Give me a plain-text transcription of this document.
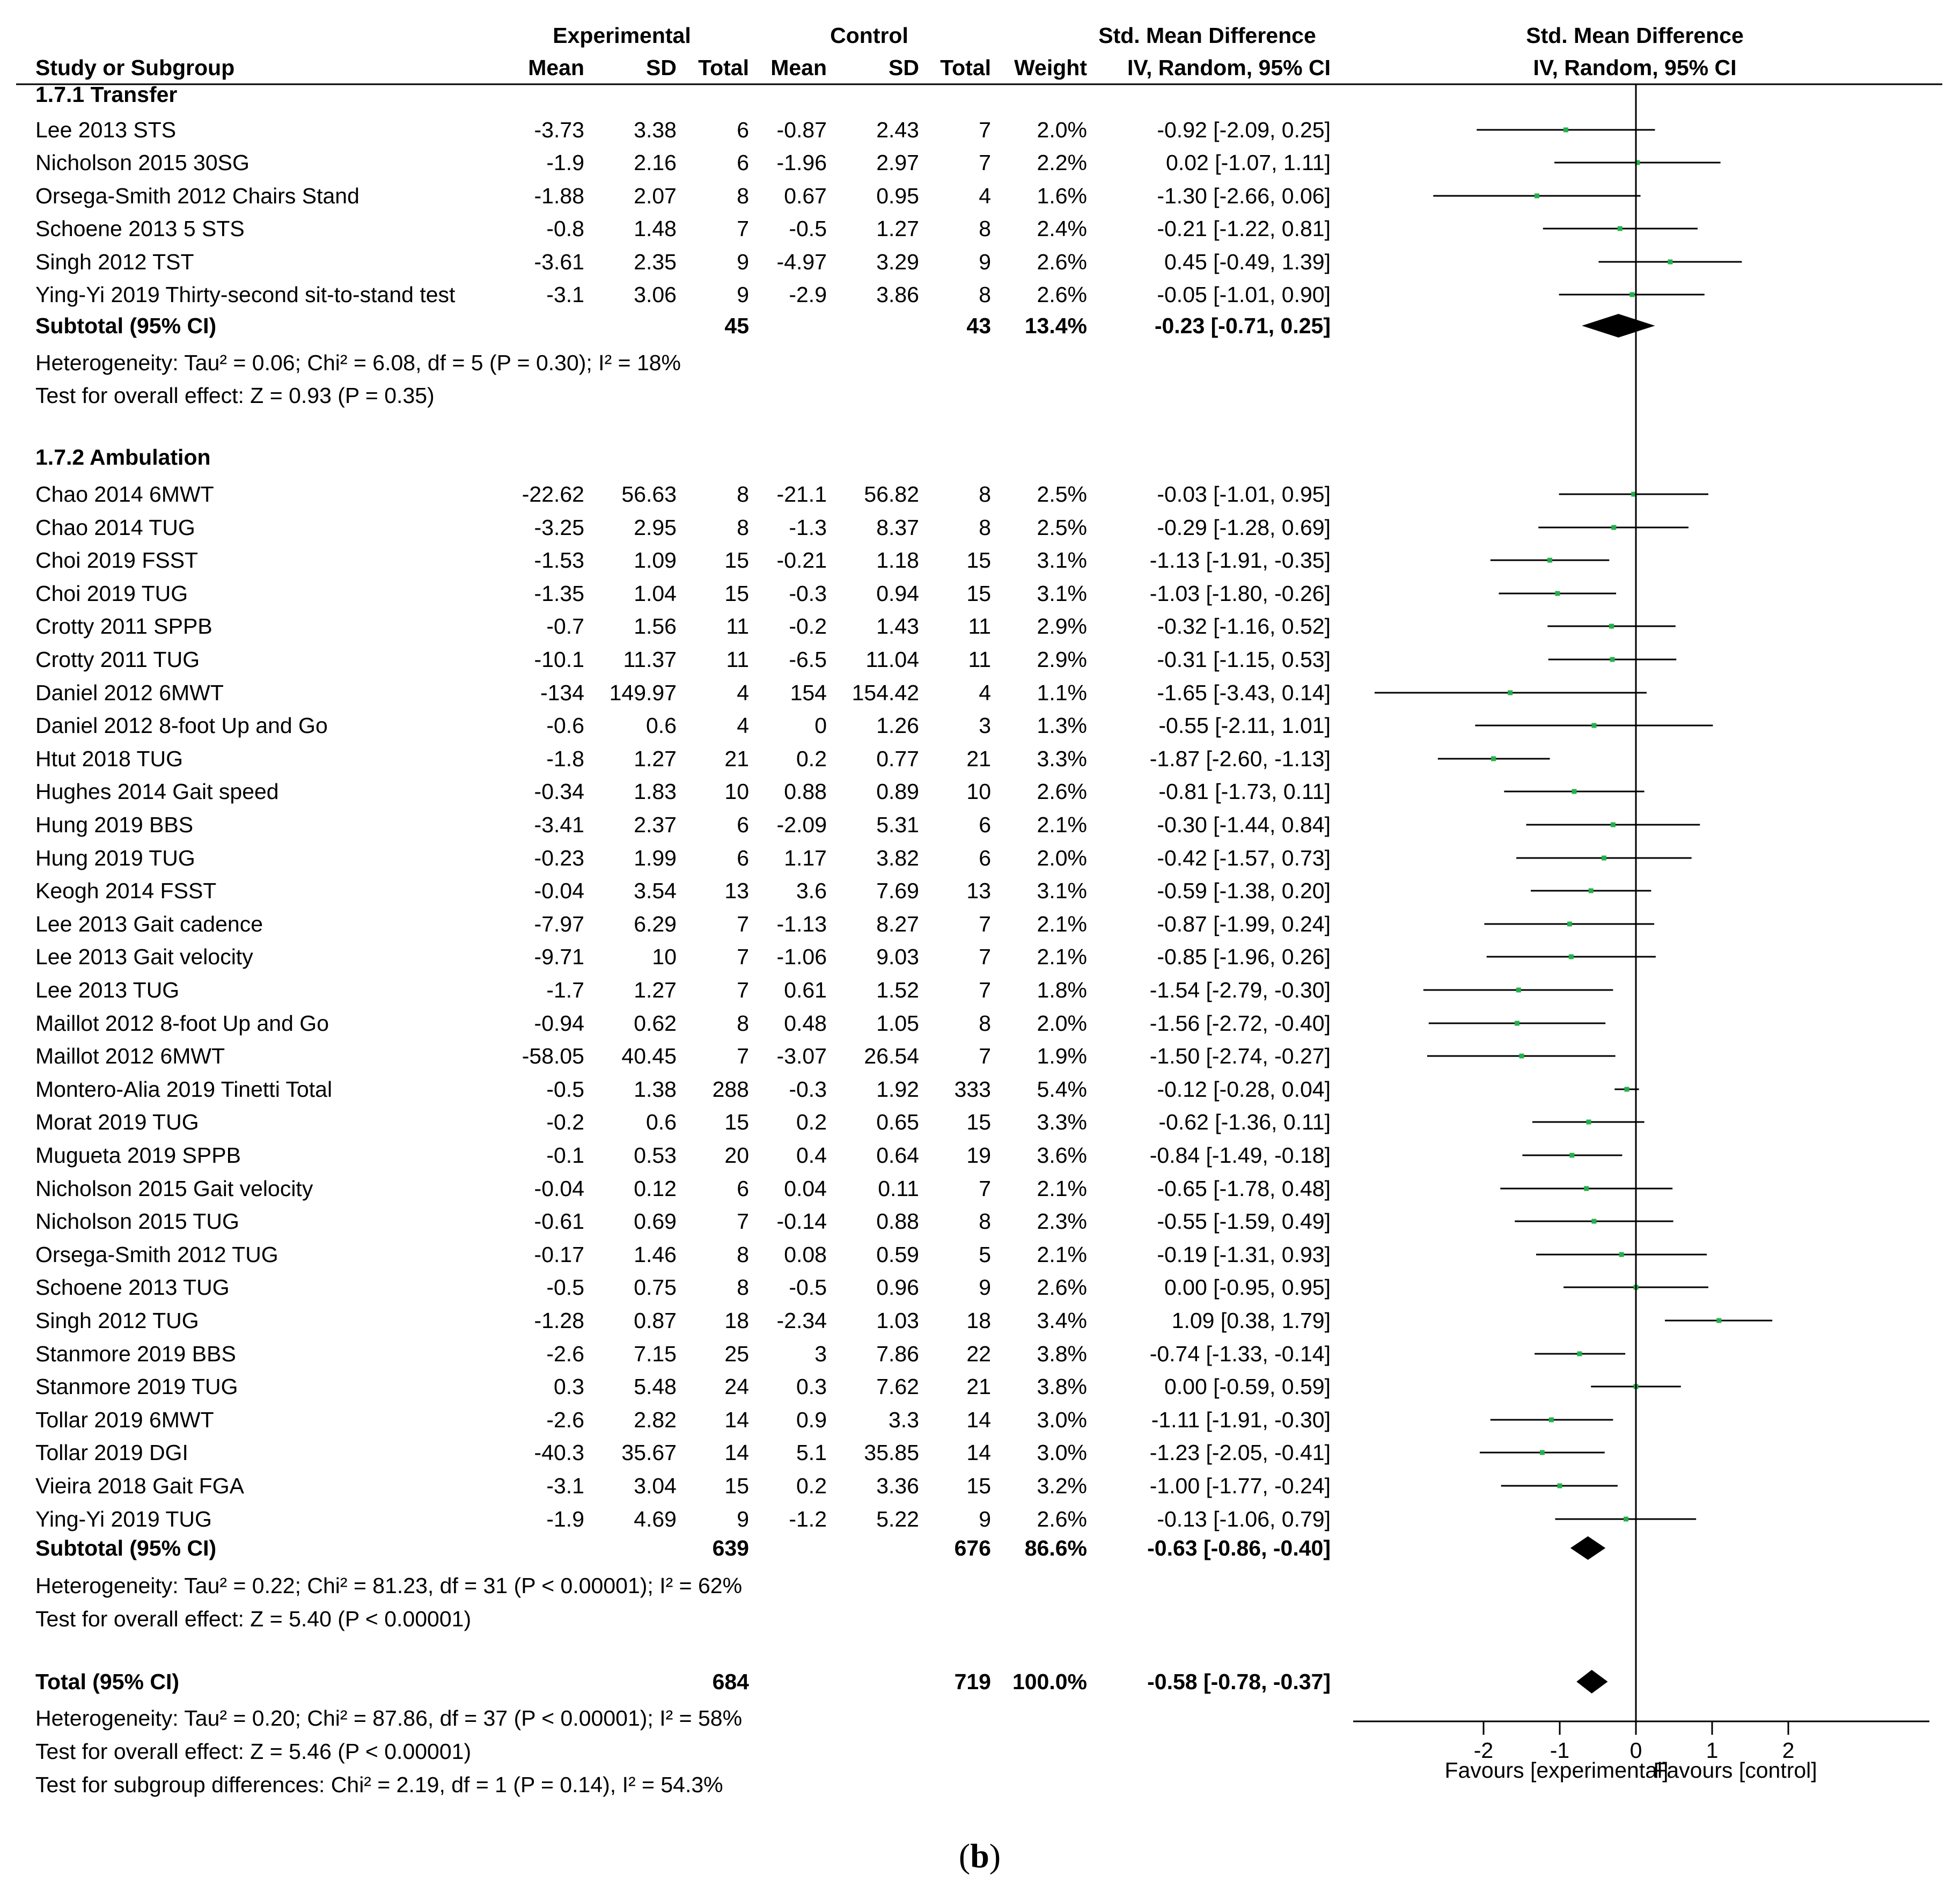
Experimental	Control	Std. Mean Difference	Std. Mean Difference
Study or Subgroup	Mean	SD Total Mean	SD Total Weight IV, Random, 95% CI	IV, Random, 95% CI
1.7.1 Transfer
Lee 2013 STS	-3.73 3.38	6 -0.87 2.43	7 2.0%	-0.92 [-2.09, 0.25]
Nicholson 2015 30SG	-1.9 2.16	6 -1.96 2.97	7 2.2%	0.02 [-1.07, 1.11]
Orsega-Smith 2012 Chairs Stand	-1.88 2.07	8 0.67 0.95	4 1.6%	-1.30 [-2.66, 0.06]
Schoene 2013 5 STS	-0.8 1.48	7 -0.5 1.27	8 2.4%	-0.21 [-1.22, 0.81]
Singh 2012 TST	-3.61 2.35	9 -4.97 3.29	9 2.6%	0.45 [-0.49, 1.39]
Ying-Yi 2019 Thirty-second sit-to-stand test	-3.1 3.06	9 -2.9 3.86	8 2.6%	-0.05 [-1.01, 0.90]
Subtotal (95% CI)	45	43 13.4%	-0.23 [-0.71, 0.25]
Heterogeneity: Tau² = 0.06; Chi² = 6.08, df = 5 (P = 0.30); I² = 18%
Test for overall effect: Z = 0.93 (P = 0.35)
1.7.2 Ambulation
Chao 2014 6MWT	-22.62 56.63	8 -21.1 56.82	8 2.5%	-0.03 [-1.01, 0.95]
Chao 2014 TUG	-3.25 2.95	8 -1.3 8.37	8 2.5%	-0.29 [-1.28, 0.69]
Choi 2019 FSST	-1.53 1.09 15 -0.21 1.18 15 3.1%	-1.13 [-1.91, -0.35]
Choi 2019 TUG	-1.35 1.04 15 -0.3 0.94 15 3.1%	-1.03 [-1.80, -0.26]
Crotty 2011 SPPB	-0.7 1.56 11 -0.2 1.43 11 2.9%	-0.32 [-1.16, 0.52]
Crotty 2011 TUG	-10.1 11.37 11 -6.5 11.04 11 2.9%	-0.31 [-1.15, 0.53]
Daniel 2012 6MWT	-134 149.97	4 154 154.42	4 1.1%	-1.65 [-3.43, 0.14]
Daniel 2012 8-foot Up and Go	-0.6	0.6	4	0 1.26	3 1.3%	-0.55 [-2.11, 1.01]
Htut 2018 TUG	-1.8 1.27 21 0.2 0.77 21 3.3%	-1.87 [-2.60, -1.13]
Hughes 2014 Gait speed	-0.34 1.83 10 0.88 0.89 10 2.6%	-0.81 [-1.73, 0.11]
Hung 2019 BBS	-3.41 2.37	6 -2.09 5.31	6 2.1%	-0.30 [-1.44, 0.84]
Hung 2019 TUG	-0.23 1.99	6 1.17 3.82	6 2.0%	-0.42 [-1.57, 0.73]
Keogh 2014 FSST	-0.04 3.54 13 3.6 7.69 13 3.1%	-0.59 [-1.38, 0.20]
Lee 2013 Gait cadence	-7.97 6.29	7 -1.13 8.27	7 2.1%	-0.87 [-1.99, 0.24]
Lee 2013 Gait velocity	-9.71	10	7 -1.06 9.03	7 2.1%	-0.85 [-1.96, 0.26]
Lee 2013 TUG	-1.7 1.27	7 0.61 1.52	7 1.8%	-1.54 [-2.79, -0.30]
Maillot 2012 8-foot Up and Go	-0.94 0.62	8 0.48 1.05	8 2.0%	-1.56 [-2.72, -0.40]
Maillot 2012 6MWT	-58.05 40.45	7 -3.07 26.54	7 1.9%	-1.50 [-2.74, -0.27]
Montero-Alia 2019 Tinetti Total	-0.5 1.38 288 -0.3 1.92 333 5.4%	-0.12 [-0.28, 0.04]
Morat 2019 TUG	-0.2	0.6 15 0.2 0.65 15 3.3%	-0.62 [-1.36, 0.11]
Mugueta 2019 SPPB	-0.1 0.53 20 0.4 0.64 19 3.6%	-0.84 [-1.49, -0.18]
Nicholson 2015 Gait velocity	-0.04 0.12	6 0.04 0.11	7 2.1%	-0.65 [-1.78, 0.48]
Nicholson 2015 TUG	-0.61 0.69	7 -0.14 0.88	8 2.3%	-0.55 [-1.59, 0.49]
Orsega-Smith 2012 TUG	-0.17 1.46	8 0.08 0.59	5 2.1%	-0.19 [-1.31, 0.93]
Schoene 2013 TUG	-0.5 0.75	8 -0.5 0.96	9 2.6%	0.00 [-0.95, 0.95]
Singh 2012 TUG	-1.28 0.87 18 -2.34 1.03 18 3.4%	1.09 [0.38, 1.79]
Stanmore 2019 BBS	-2.6 7.15 25	3 7.86 22 3.8%	-0.74 [-1.33, -0.14]
Stanmore 2019 TUG	0.3 5.48 24 0.3 7.62 21 3.8%	0.00 [-0.59, 0.59]
Tollar 2019 6MWT	-2.6 2.82 14 0.9	3.3 14 3.0%	-1.11 [-1.91, -0.30]
Tollar 2019 DGI	-40.3 35.67 14 5.1 35.85 14 3.0%	-1.23 [-2.05, -0.41]
Vieira 2018 Gait FGA	-3.1 3.04 15 0.2 3.36 15 3.2%	-1.00 [-1.77, -0.24]
Ying-Yi 2019 TUG	-1.9 4.69	9 -1.2 5.22	9 2.6%	-0.13 [-1.06, 0.79]
Subtotal (95% CI)	639	676 86.6%	-0.63 [-0.86, -0.40]
Heterogeneity: Tau² = 0.22; Chi² = 81.23, df = 31 (P < 0.00001); I² = 62%
Test for overall effect: Z = 5.40 (P < 0.00001)
Total (95% CI)	684	719 100.0%	-0.58 [-0.78, -0.37]
Heterogeneity: Tau² = 0.20; Chi² = 87.86, df = 37 (P < 0.00001); I² = 58%
Test for overall effect: Z = 5.46 (P < 0.00001)
Test for subgroup differences: Chi² = 2.19, df = 1 (P = 0.14), I² = 54.3%
-2	-1	0	1	2
Favours [experimental]
Favours [control]
(b)
